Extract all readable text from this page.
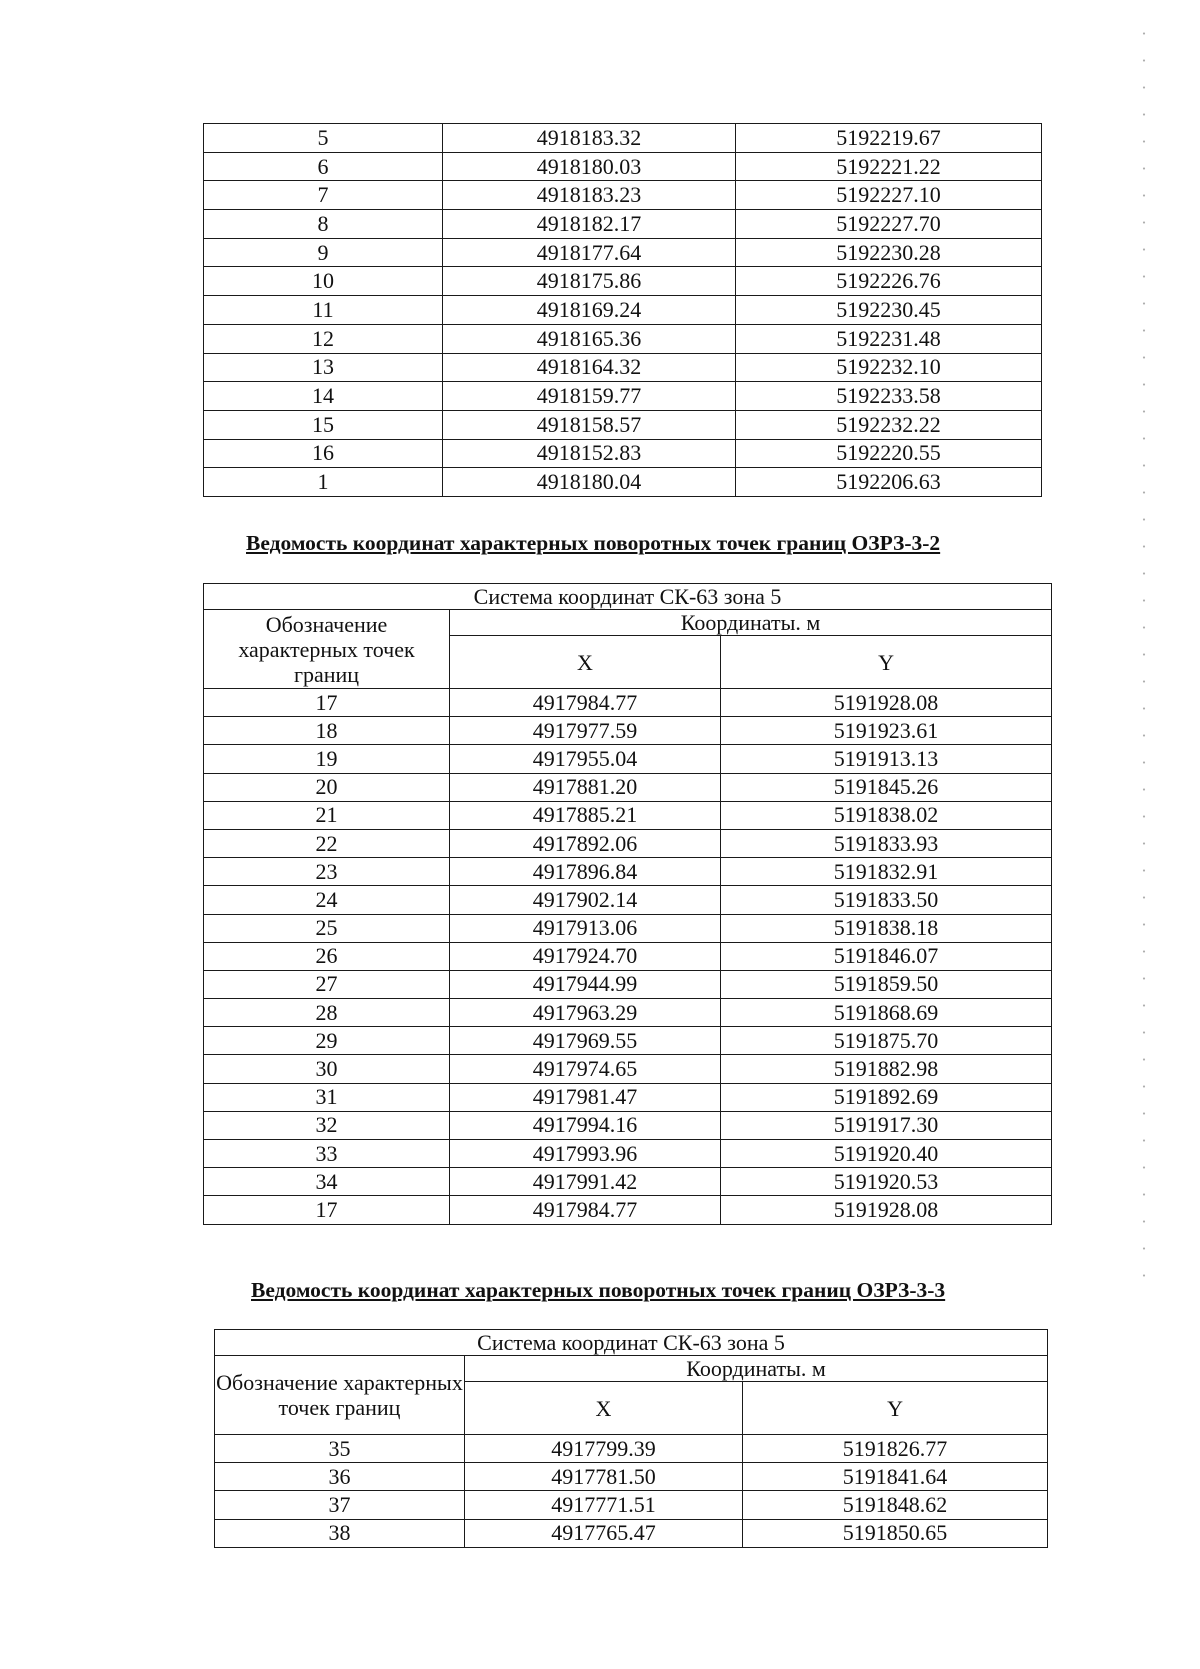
5	4918183.32	5192219.67
6	4918180.03	5192221.22
7	4918183.23	5192227.10
8	4918182.17	5192227.70
9	4918177.64	5192230.28
10	4918175.86	5192226.76
11	4918169.24	5192230.45
12	4918165.36	5192231.48
13	4918164.32	5192232.10
14	4918159.77	5192233.58
15	4918158.57	5192232.22
16	4918152.83	5192220.55
1	4918180.04	5192206.63
Ведомость координат характерных поворотных точек границ ОЗРЗ-3-2
Система координат СК-63 зона 5		
Обозначение характерных точек границ	Координаты. м	
	X	Y
17	4917984.77	5191928.08
18	4917977.59	5191923.61
19	4917955.04	5191913.13
20	4917881.20	5191845.26
21	4917885.21	5191838.02
22	4917892.06	5191833.93
23	4917896.84	5191832.91
24	4917902.14	5191833.50
25	4917913.06	5191838.18
26	4917924.70	5191846.07
27	4917944.99	5191859.50
28	4917963.29	5191868.69
29	4917969.55	5191875.70
30	4917974.65	5191882.98
31	4917981.47	5191892.69
32	4917994.16	5191917.30
33	4917993.96	5191920.40
34	4917991.42	5191920.53
17	4917984.77	5191928.08
Ведомость координат характерных поворотных точек границ ОЗРЗ-3-3
Система координат СК-63 зона 5		
Обозначение характерных точек границ	Координаты. м	
	X	Y
35	4917799.39	5191826.77
36	4917781.50	5191841.64
37	4917771.51	5191848.62
38	4917765.47	5191850.65
